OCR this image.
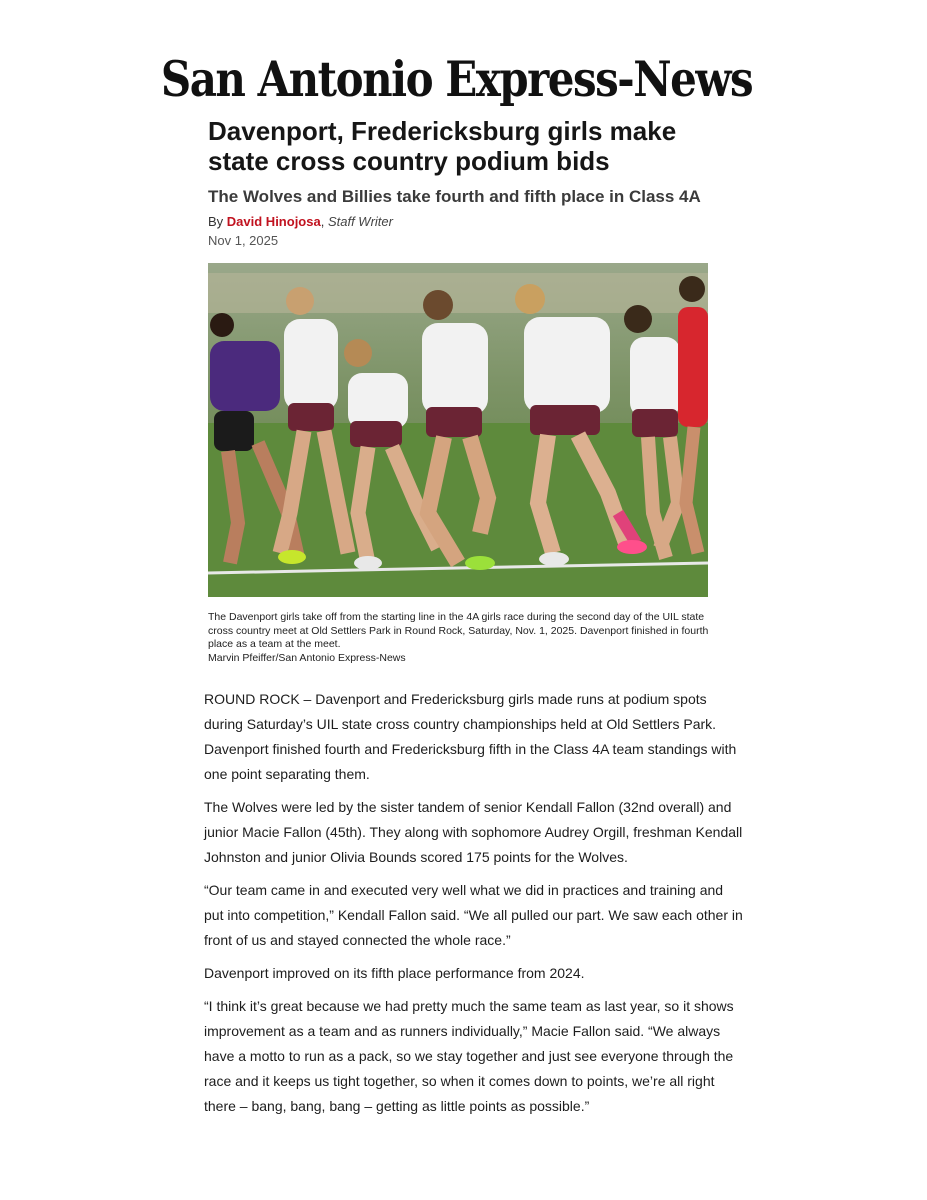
San Antonio Express-News
Davenport, Fredericksburg girls make state cross country podium bids
The Wolves and Billies take fourth and fifth place in Class 4A
By David Hinojosa, Staff Writer
Nov 1, 2025
The Davenport girls take off from the starting line in the 4A girls race during the second day of the UIL state cross country meet at Old Settlers Park in Round Rock, Saturday, Nov. 1, 2025. Davenport finished in fourth place as a team at the meet.
Marvin Pfeiffer/San Antonio Express-News

ROUND ROCK – Davenport and Fredericksburg girls made runs at podium spots during Saturday’s UIL state cross country championships held at Old Settlers Park. Davenport finished fourth and Fredericksburg fifth in the Class 4A team standings with one point separating them.

The Wolves were led by the sister tandem of senior Kendall Fallon (32nd overall) and junior Macie Fallon (45th). They along with sophomore Audrey Orgill, freshman Kendall Johnston and junior Olivia Bounds scored 175 points for the Wolves.

“Our team came in and executed very well what we did in practices and training and put into competition,” Kendall Fallon said. “We all pulled our part. We saw each other in front of us and stayed connected the whole race.”

Davenport improved on its fifth place performance from 2024.

“I think it’s great because we had pretty much the same team as last year, so it shows improvement as a team and as runners individually,” Macie Fallon said. “We always have a motto to run as a pack, so we stay together and just see everyone through the race and it keeps us tight together, so when it comes down to points, we’re all right there – bang, bang, bang – getting as little points as possible.”
